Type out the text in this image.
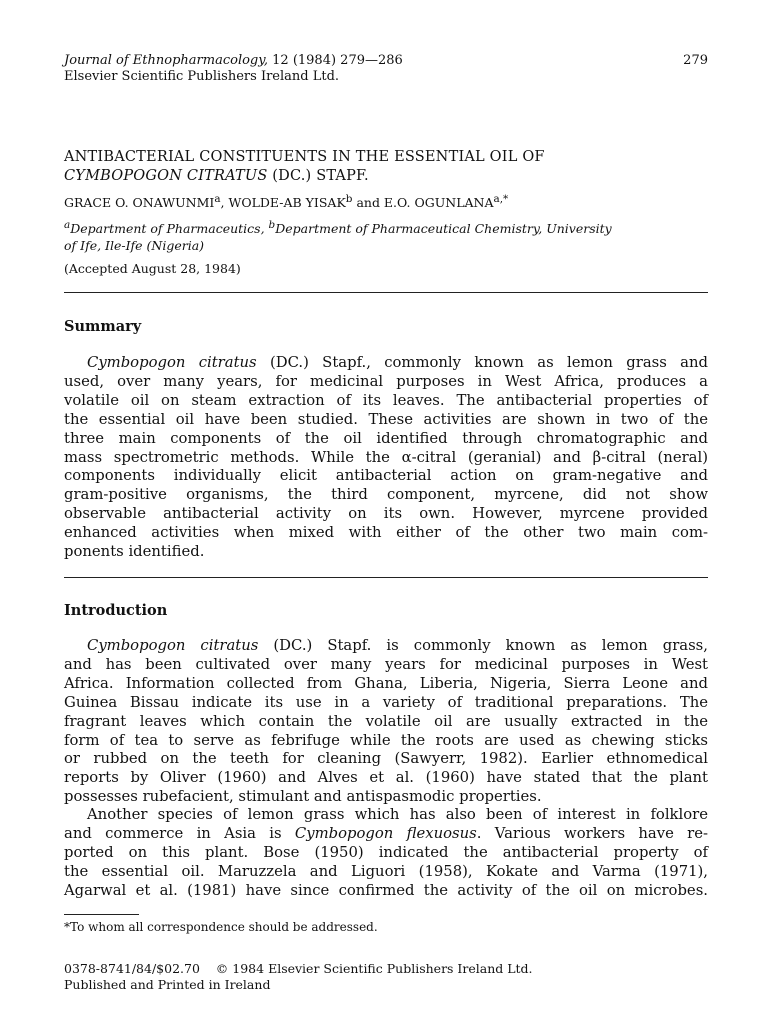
Journal of Ethnopharmacology, 12 (1984) 279—286
Elsevier Scientific Publishers Ireland Ltd.
279
ANTIBACTERIAL CONSTITUENTS IN THE ESSENTIAL OIL OF
CYMBOPOGON CITRATUS (DC.) STAPF.
GRACE O. ONAWUNMI$^a$, WOLDE-AB YISAK$^b$ and E.O. $OGUNLANA^{a,*}$
$^a$Department of Pharmaceutics, $^b$Department of Pharmaceutical Chemistry, University
of Ife, Ile-Ife (Nigeria)
(Accepted August 28, 1984)
Summary
Cymbopogon citratus (DC.) Stapf., commonly known as lemon grass and
used, over many years, for medicinal purposes in West Africa, produces a
volatile oil on steam extraction of its leaves. The antibacterial properties of
the essential oil have been studied. These activities are shown in two of the
three main components of the oil identified through chromatographic and
mass spectrometric methods. While the α-citral (geranial) and β-citral (neral)
components individually elicit antibacterial action on gram-negative and
gram-positive organisms, the third component, myrcene, did not show
observable antibacterial activity on its own. However, myrcene provided
enhanced activities when mixed with either of the other two main com-
ponents identified.
Introduction
Cymbopogon citratus (DC.) Stapf. is commonly known as lemon grass,
and has been cultivated over many years for medicinal purposes in West
Africa. Information collected from Ghana, Liberia, Nigeria, Sierra Leone and
Guinea Bissau indicate its use in a variety of traditional preparations. The
fragrant leaves which contain the volatile oil are usually extracted in the
form of tea to serve as febrifuge while the roots are used as chewing sticks
or rubbed on the teeth for cleaning (Sawyerr, 1982). Earlier ethnomedical
reports by Oliver (1960) and Alves et al. (1960) have stated that the plant
possesses rubefacient, stimulant and antispasmodic properties.
Another species of lemon grass which has also been of interest in folklore
and commerce in Asia is Cymbopogon flexuosus. Various workers have re-
ported on this plant. Bose (1950) indicated the antibacterial property of
the essential oil. Maruzzela and Liguori (1958), Kokate and Varma (1971),
Agarwal et al. (1981) have since confirmed the activity of the oil on microbes.
*To whom all correspondence should be addressed.
0378-8741/84/$02.70    © 1984 Elsevier Scientific Publishers Ireland Ltd.
Published and Printed in Ireland
